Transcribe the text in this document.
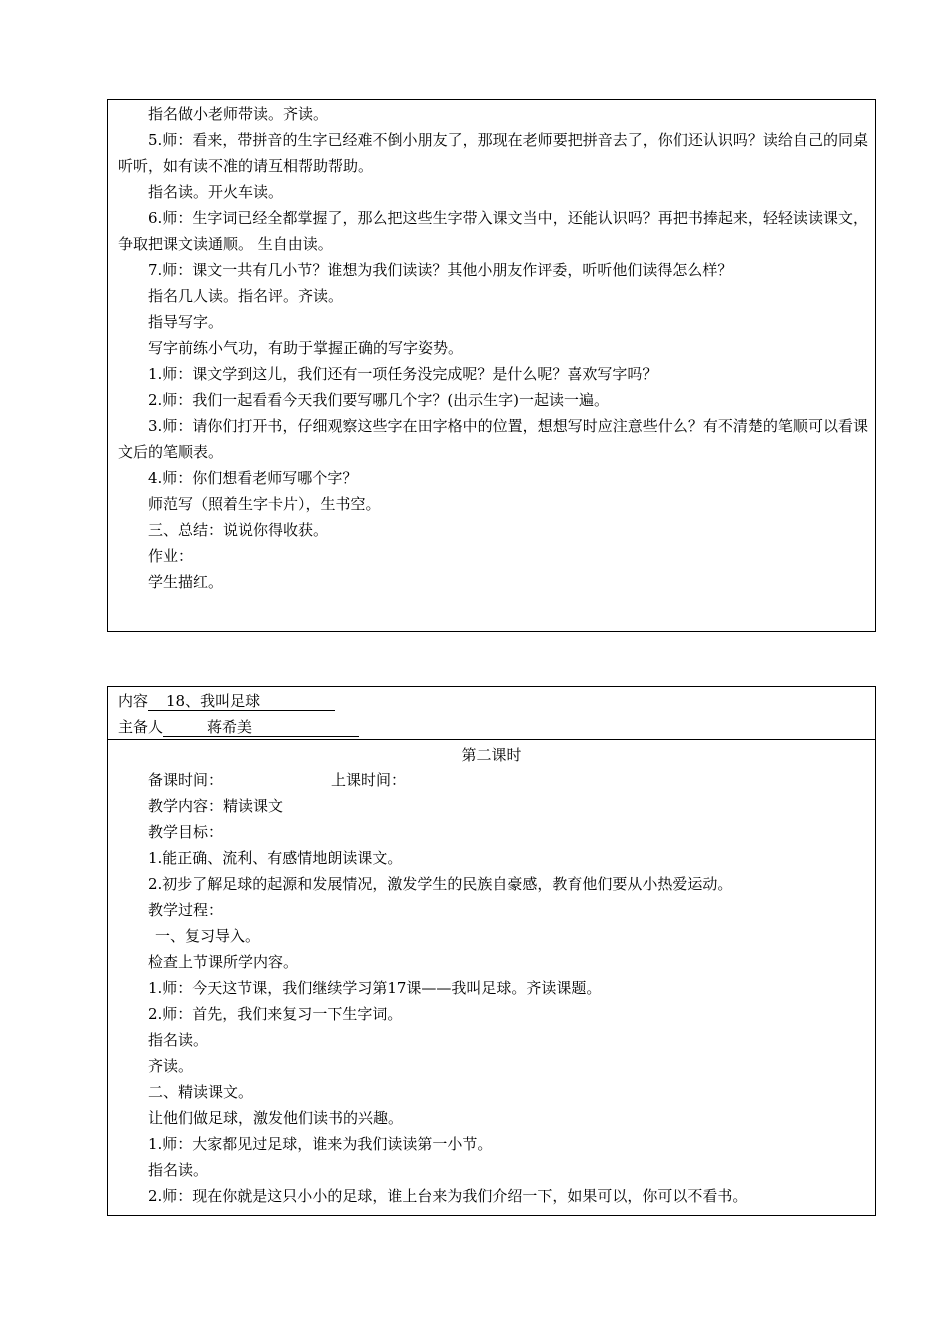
指名做小老师带读。齐读。

5.师：看来，带拼音的生字已经难不倒小朋友了，那现在老师要把拼音去了，你们还认识吗？读给自己的同桌听听，如有读不准的请互相帮助帮助。

指名读。开火车读。

6.师：生字词已经全都掌握了，那么把这些生字带入课文当中，还能认识吗？再把书捧起来，轻轻读读课文，争取把课文读通顺。 生自由读。

7.师：课文一共有几小节？谁想为我们读读？其他小朋友作评委，听听他们读得怎么样？

指名几人读。指名评。齐读。

指导写字。

写字前练小气功，有助于掌握正确的写字姿势。

1.师：课文学到这儿，我们还有一项任务没完成呢？是什么呢？喜欢写字吗？

2.师：我们一起看看今天我们要写哪几个字？(出示生字)一起读一遍。

3.师：请你们打开书，仔细观察这些字在田字格中的位置，想想写时应注意些什么？有不清楚的笔顺可以看课文后的笔顺表。

4.师：你们想看老师写哪个字？

师范写（照着生字卡片），生书空。

三、总结：说说你得收获。

作业：

学生描红。

内容 18、我叫足球
主备人	蒋希美
第二课时

备课时间：	上课时间：

教学内容：精读课文

教学目标：

1.能正确、流利、有感情地朗读课文。

2.初步了解足球的起源和发展情况，激发学生的民族自豪感，教育他们要从小热爱运动。

教学过程：

一、复习导入。

检查上节课所学内容。

1.师：今天这节课，我们继续学习第17课——我叫足球。齐读课题。

2.师：首先，我们来复习一下生字词。

指名读。

齐读。

二、精读课文。

让他们做足球，激发他们读书的兴趣。

1.师：大家都见过足球，谁来为我们读读第一小节。

指名读。

2.师：现在你就是这只小小的足球，谁上台来为我们介绍一下，如果可以，你可以不看书。
